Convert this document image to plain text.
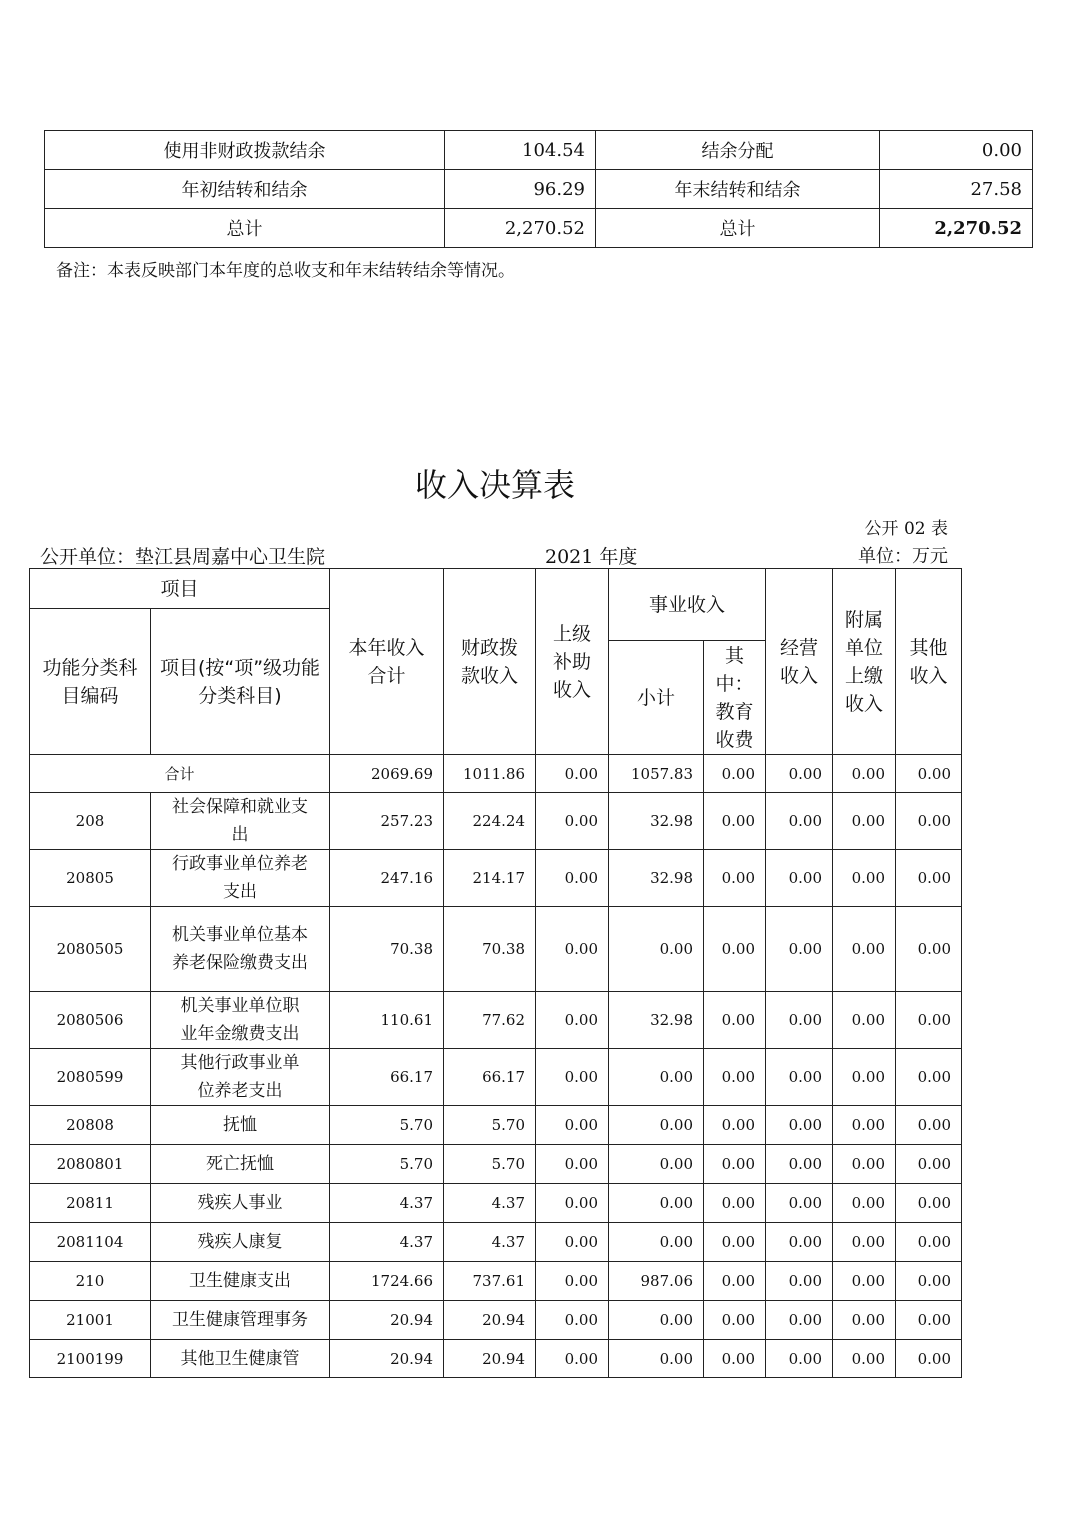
使用非财政拨款结余	104.54	结余分配	0.00
年初结转和结余	96.29	年末结转和结余	27.58
总计	2,270.52	总计	2,270.52
备注：本表反映部门本年度的总收支和年末结转结余等情况。
收入决算表
公开 02 表
公开单位：垫江县周嘉中心卫生院	2021 年度	单位：万元
项目		本年收入合计	财政拨款收入	上级补助收入	事业收入		经营收入	附属单位上缴收入	其他收入
功能分类科目编码	项目(按“项”级功能分类科目)								
					小计	其中：教育收费			
合计		2069.69	1011.86	0.00	1057.83	0.00	0.00	0.00	0.00
208	社会保障和就业支出	257.23	224.24	0.00	32.98	0.00	0.00	0.00	0.00
20805	行政事业单位养老支出	247.16	214.17	0.00	32.98	0.00	0.00	0.00	0.00
2080505	机关事业单位基本养老保险缴费支出	70.38	70.38	0.00	0.00	0.00	0.00	0.00	0.00
2080506	机关事业单位职业年金缴费支出	110.61	77.62	0.00	32.98	0.00	0.00	0.00	0.00
2080599	其他行政事业单位养老支出	66.17	66.17	0.00	0.00	0.00	0.00	0.00	0.00
20808	抚恤	5.70	5.70	0.00	0.00	0.00	0.00	0.00	0.00
2080801	死亡抚恤	5.70	5.70	0.00	0.00	0.00	0.00	0.00	0.00
20811	残疾人事业	4.37	4.37	0.00	0.00	0.00	0.00	0.00	0.00
2081104	残疾人康复	4.37	4.37	0.00	0.00	0.00	0.00	0.00	0.00
210	卫生健康支出	1724.66	737.61	0.00	987.06	0.00	0.00	0.00	0.00
21001	卫生健康管理事务	20.94	20.94	0.00	0.00	0.00	0.00	0.00	0.00
2100199	其他卫生健康管	20.94	20.94	0.00	0.00	0.00	0.00	0.00	0.00
